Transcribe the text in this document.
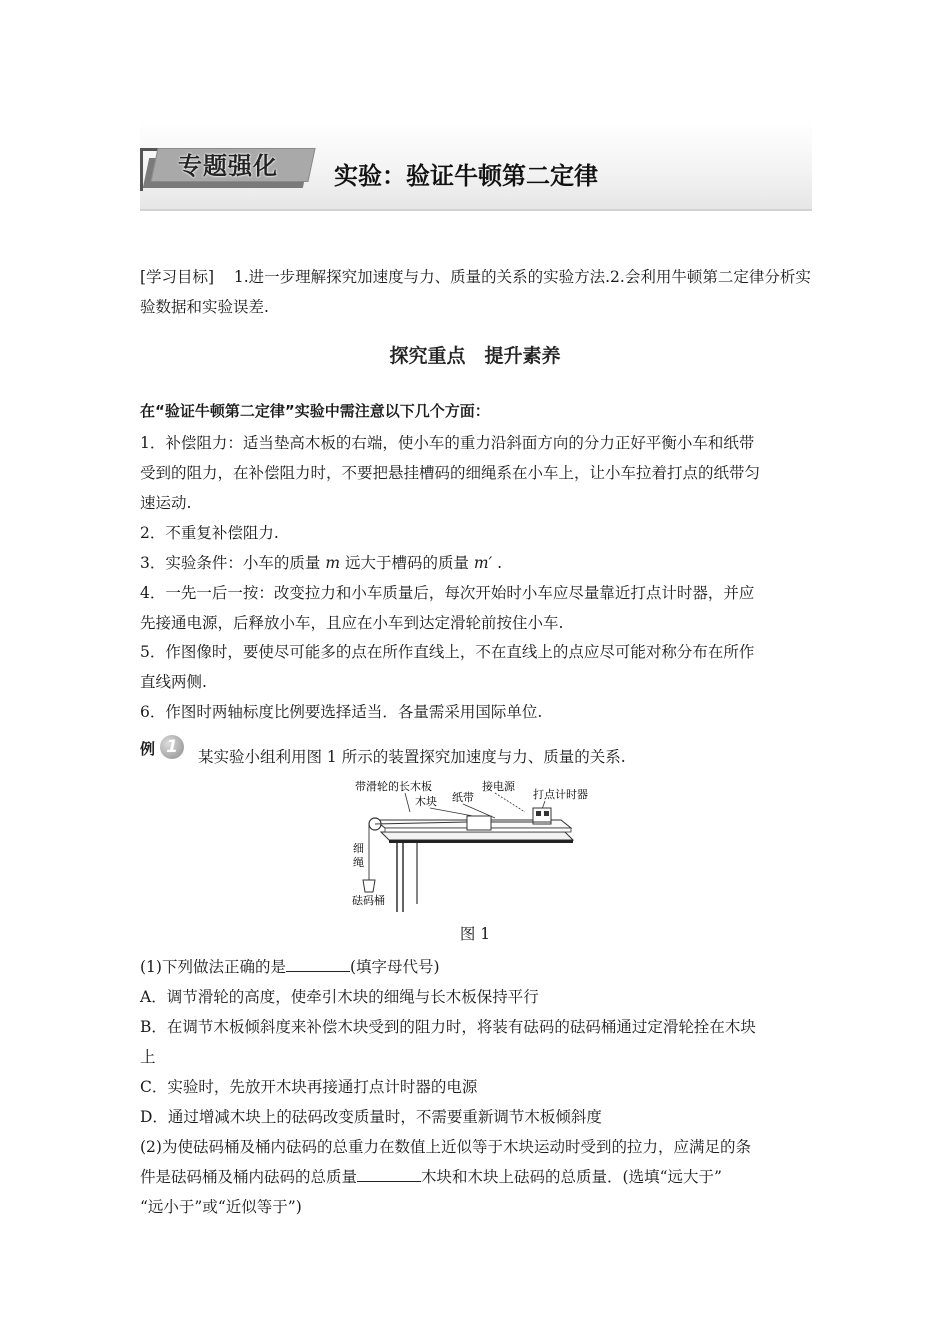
专题强化 实验：验证牛顿第二定律
[学习目标] 1.进一步理解探究加速度与力、质量的关系的实验方法.2.会利用牛顿第二定律分析实验数据和实验误差.
探究重点　提升素养
在“验证牛顿第二定律”实验中需注意以下几个方面：
1．补偿阻力：适当垫高木板的右端，使小车的重力沿斜面方向的分力正好平衡小车和纸带
受到的阻力，在补偿阻力时，不要把悬挂槽码的细绳系在小车上，让小车拉着打点的纸带匀
速运动.
2．不重复补偿阻力.
3．实验条件：小车的质量 m 远大于槽码的质量 m′ .
4．一先一后一按：改变拉力和小车质量后，每次开始时小车应尽量靠近打点计时器，并应
先接通电源，后释放小车，且应在小车到达定滑轮前按住小车.
5．作图像时，要使尽可能多的点在所作直线上，不在直线上的点应尽可能对称分布在所作
直线两侧.
6．作图时两轴标度比例要选择适当．各量需采用国际单位.
例 1	某实验小组利用图 1 所示的装置探究加速度与力、质量的关系.
带滑轮的长木板
木块 纸带
接电源
打点计时器
细
绳
砝码桶
图 1
(1)下列做法正确的是	(填字母代号)
A．调节滑轮的高度，使牵引木块的细绳与长木板保持平行
B．在调节木板倾斜度来补偿木块受到的阻力时，将装有砝码的砝码桶通过定滑轮拴在木块
上
C．实验时，先放开木块再接通打点计时器的电源
D．通过增减木块上的砝码改变质量时，不需要重新调节木板倾斜度
(2)为使砝码桶及桶内砝码的总重力在数值上近似等于木块运动时受到的拉力，应满足的条
件是砝码桶及桶内砝码的总质量	木块和木块上砝码的总质量．(选填“远大于”
“远小于”或“近似等于”)
